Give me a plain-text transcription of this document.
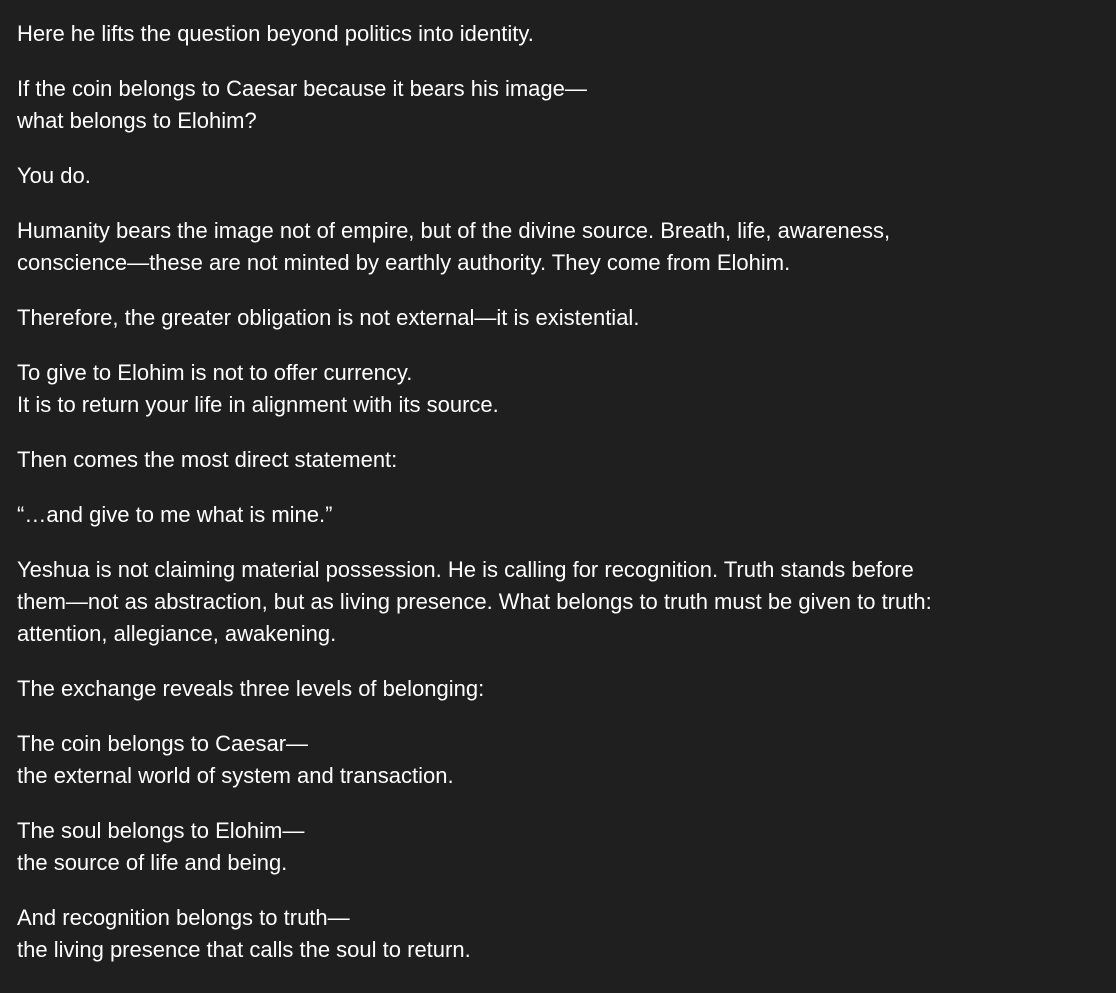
Here he lifts the question beyond politics into identity.

If the coin belongs to Caesar because it bears his image—
what belongs to Elohim?

You do.

Humanity bears the image not of empire, but of the divine source. Breath, life, awareness,
conscience—these are not minted by earthly authority. They come from Elohim.

Therefore, the greater obligation is not external—it is existential.

To give to Elohim is not to offer currency.
It is to return your life in alignment with its source.

Then comes the most direct statement:

“…and give to me what is mine.”

Yeshua is not claiming material possession. He is calling for recognition. Truth stands before
them—not as abstraction, but as living presence. What belongs to truth must be given to truth:
attention, allegiance, awakening.

The exchange reveals three levels of belonging:

The coin belongs to Caesar—
the external world of system and transaction.

The soul belongs to Elohim—
the source of life and being.

And recognition belongs to truth—
the living presence that calls the soul to return.
